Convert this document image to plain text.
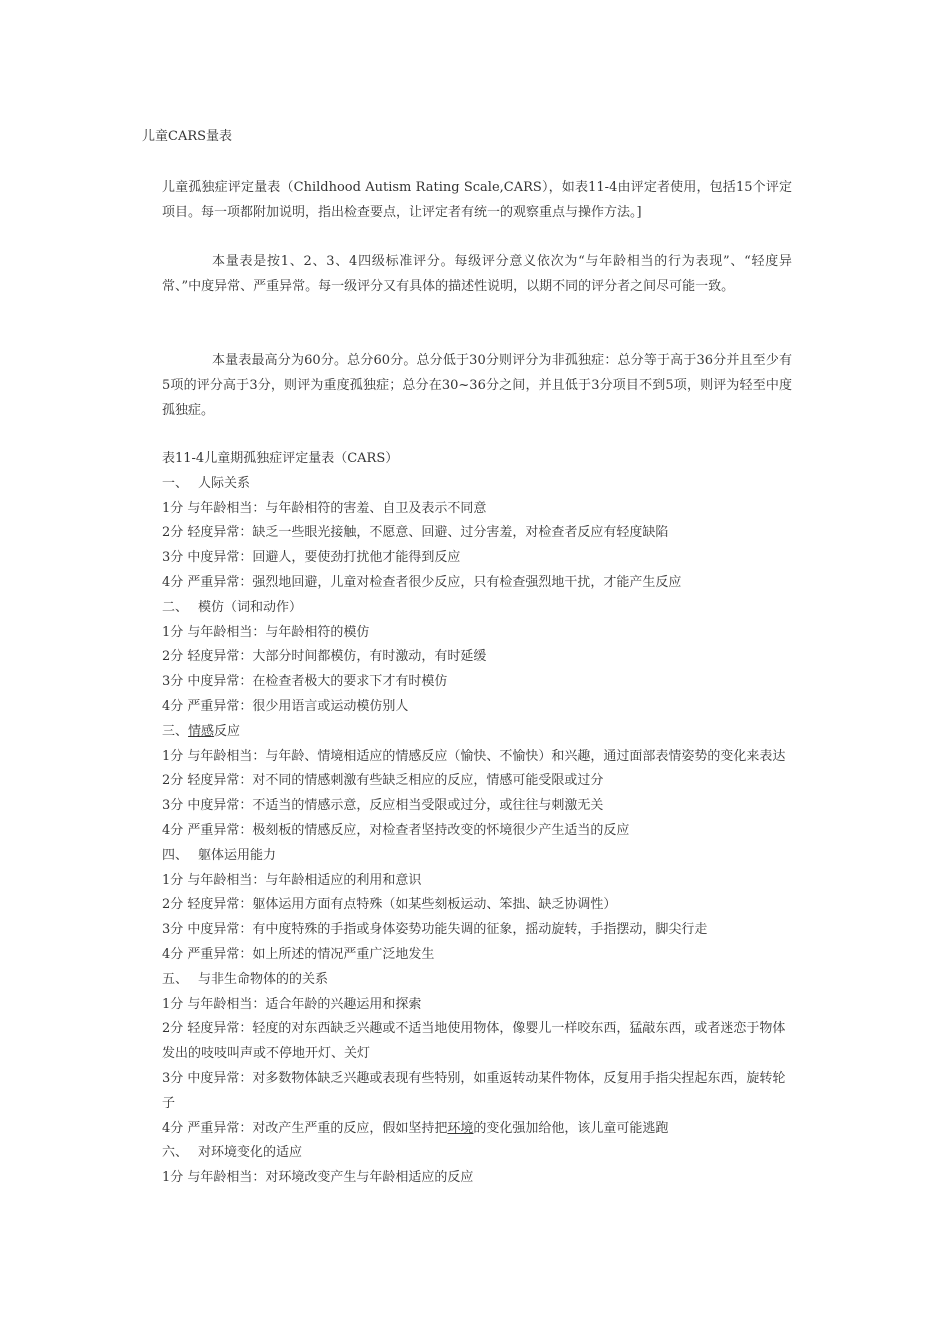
儿童CARS量表
儿童孤独症评定量表（Childhood Autism Rating Scale,CARS），如表11-4由评定者使用，包括15个评定项目。每一项都附加说明，指出检查要点，让评定者有统一的观察重点与操作方法。]
本量表是按1、2、3、4四级标准评分。每级评分意义依次为“与年龄相当的行为表现”、“轻度异常、”中度异常、严重异常。每一级评分又有具体的描述性说明，以期不同的评分者之间尽可能一致。
本量表最高分为60分。总分60分。总分低于30分则评分为非孤独症：总分等于高于36分并且至少有5项的评分高于3分，则评为重度孤独症；总分在30~36分之间，并且低于3分项目不到5项，则评为轻至中度孤独症。
表11-4儿童期孤独症评定量表（CARS）
一、 人际关系
1分 与年龄相当：与年龄相符的害羞、自卫及表示不同意
2分 轻度异常：缺乏一些眼光接触，不愿意、回避、过分害羞，对检查者反应有轻度缺陷
3分 中度异常：回避人，要使劲打扰他才能得到反应
4分 严重异常：强烈地回避，儿童对检查者很少反应，只有检查强烈地干扰，才能产生反应
二、 模仿（词和动作）
1分 与年龄相当：与年龄相符的模仿
2分 轻度异常：大部分时间都模仿，有时激动，有时延缓
3分 中度异常：在检查者极大的要求下才有时模仿
4分 严重异常：很少用语言或运动模仿别人
三、情感反应
1分 与年龄相当：与年龄、情境相适应的情感反应（愉快、不愉快）和兴趣，通过面部表情姿势的变化来表达
2分 轻度异常：对不同的情感刺激有些缺乏相应的反应，情感可能受限或过分
3分 中度异常：不适当的情感示意，反应相当受限或过分，或往往与刺激无关
4分 严重异常：极刻板的情感反应，对检查者坚持改变的怀境很少产生适当的反应
四、 躯体运用能力
1分 与年龄相当：与年龄相适应的利用和意识
2分 轻度异常：躯体运用方面有点特殊（如某些刻板运动、笨拙、缺乏协调性）
3分 中度异常：有中度特殊的手指或身体姿势功能失调的征象，摇动旋转，手指摆动，脚尖行走
4分 严重异常：如上所述的情况严重广泛地发生
五、 与非生命物体的的关系
1分 与年龄相当：适合年龄的兴趣运用和探索
2分 轻度异常：轻度的对东西缺乏兴趣或不适当地使用物体，像婴儿一样咬东西，猛敲东西，或者迷恋于物体发出的吱吱叫声或不停地开灯、关灯
3分 中度异常：对多数物体缺乏兴趣或表现有些特别，如重返转动某件物体，反复用手指尖捏起东西，旋转轮子
4分 严重异常：对改产生严重的反应，假如坚持把环境的变化强加给他，该儿童可能逃跑
六、 对环境变化的适应
1分 与年龄相当：对环境改变产生与年龄相适应的反应
